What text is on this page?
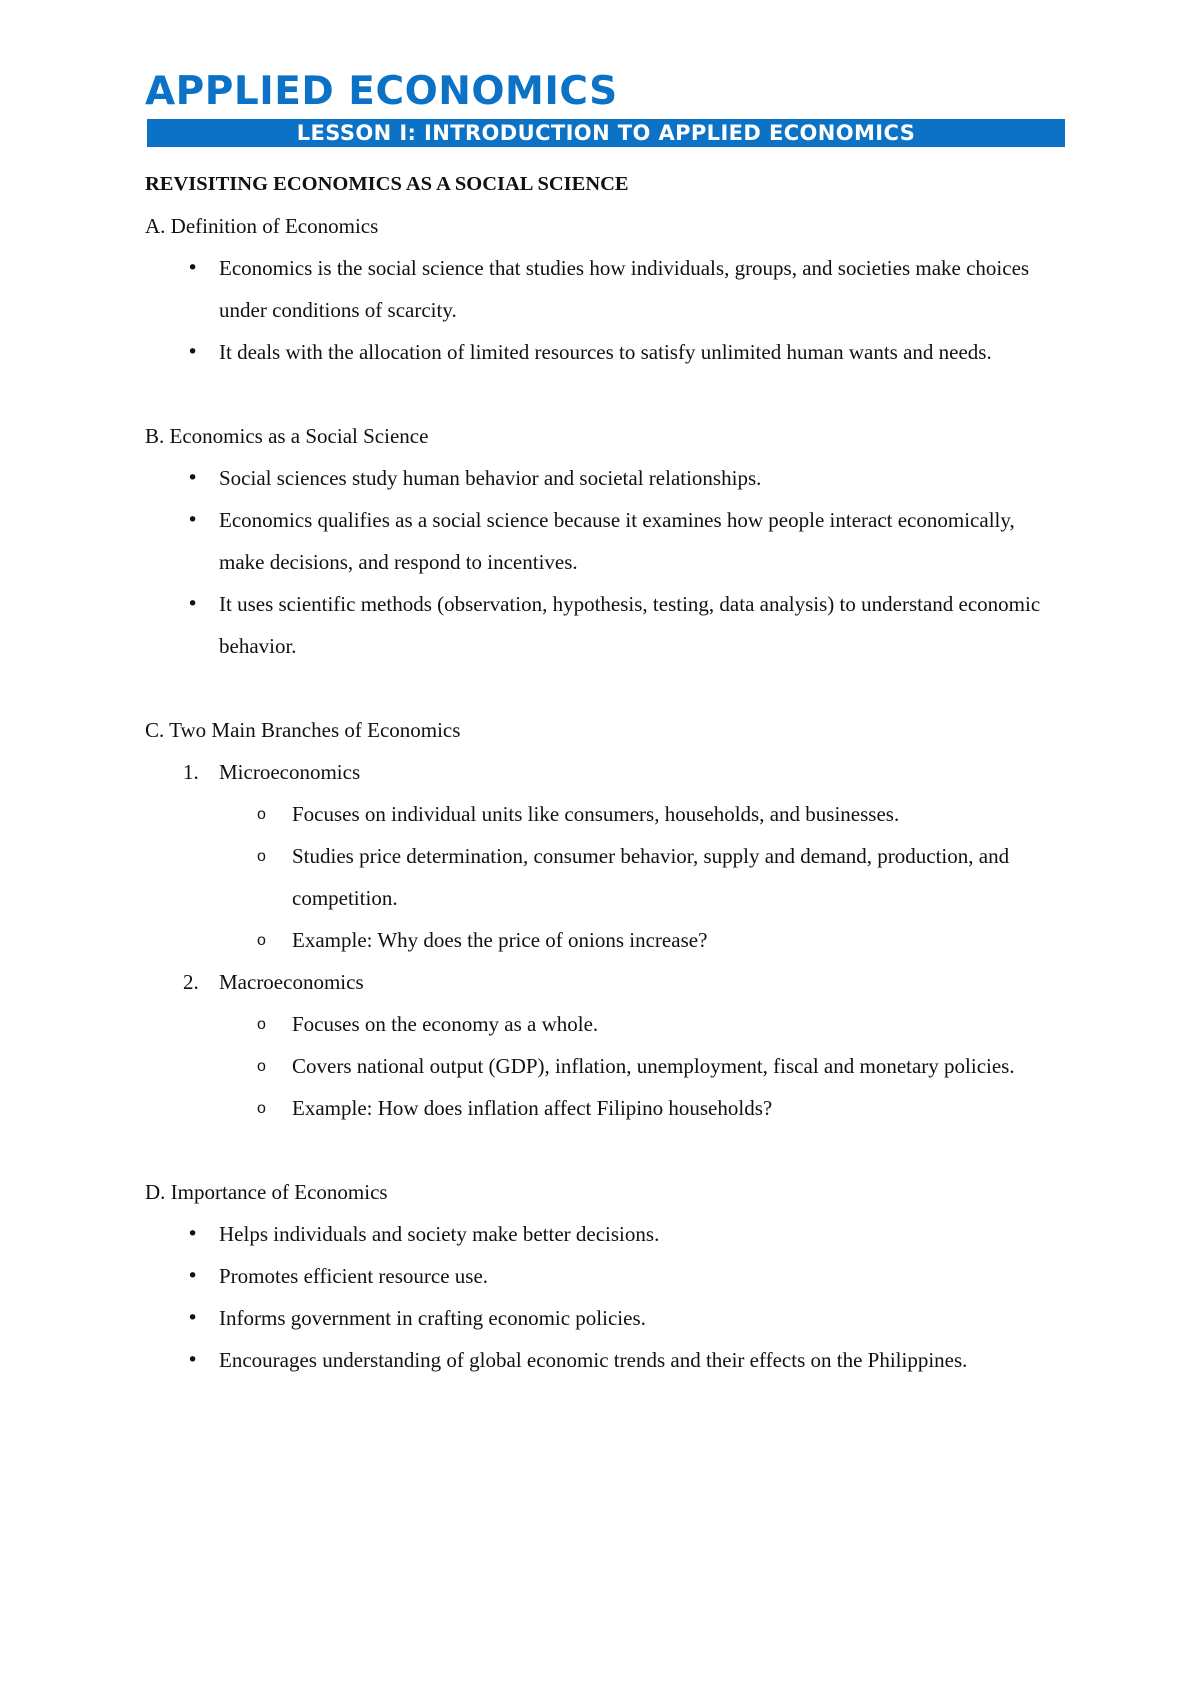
APPLIED ECONOMICS
LESSON I: INTRODUCTION TO APPLIED ECONOMICS
REVISITING ECONOMICS AS A SOCIAL SCIENCE
A. Definition of Economics
• Economics is the social science that studies how individuals, groups, and societies make choices under conditions of scarcity.
• It deals with the allocation of limited resources to satisfy unlimited human wants and needs.
B. Economics as a Social Science
• Social sciences study human behavior and societal relationships.
• Economics qualifies as a social science because it examines how people interact economically, make decisions, and respond to incentives.
• It uses scientific methods (observation, hypothesis, testing, data analysis) to understand economic behavior.
C. Two Main Branches of Economics
1. Microeconomics
o Focuses on individual units like consumers, households, and businesses.
o Studies price determination, consumer behavior, supply and demand, production, and competition.
o Example: Why does the price of onions increase?
2. Macroeconomics
o Focuses on the economy as a whole.
o Covers national output (GDP), inflation, unemployment, fiscal and monetary policies.
o Example: How does inflation affect Filipino households?
D. Importance of Economics
• Helps individuals and society make better decisions.
• Promotes efficient resource use.
• Informs government in crafting economic policies.
• Encourages understanding of global economic trends and their effects on the Philippines.
